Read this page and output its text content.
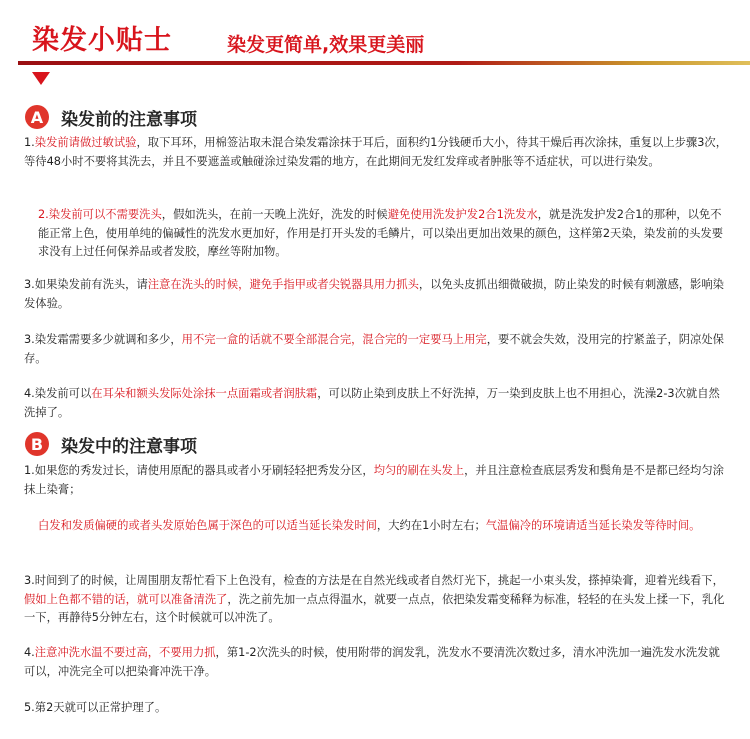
染发小贴士	染发更简单,效果更美丽
A	染发前的注意事项
1.染发前请做过敏试验，取下耳环，用棉签沾取未混合染发霜涂抹于耳后，面积约1分钱硬币大小，待其干燥后再次涂抹，重复以上步骤3次，等待48小时不要将其洗去，并且不要遮盖或触碰涂过染发霜的地方，在此期间无发红发痒或者肿胀等不适症状，可以进行染发。
2.染发前可以不需要洗头，假如洗头，在前一天晚上洗好，洗发的时候避免使用洗发护发2合1洗发水，就是洗发护发2合1的那种，以免不能正常上色，使用单纯的偏碱性的洗发水更加好，作用是打开头发的毛鳞片，可以染出更加出效果的颜色，这样第2天染，染发前的头发要求没有上过任何保养品或者发胶，摩丝等附加物。
3.如果染发前有洗头，请注意在洗头的时候，避免手指甲或者尖锐器具用力抓头，以免头皮抓出细微破损，防止染发的时候有刺激感，影响染发体验。
3.染发霜需要多少就调和多少，用不完一盒的话就不要全部混合完，混合完的一定要马上用完，要不就会失效，没用完的拧紧盖子，阴凉处保存。
4.染发前可以在耳朵和额头发际处涂抹一点面霜或者润肤霜，可以防止染到皮肤上不好洗掉，万一染到皮肤上也不用担心，洗澡2-3次就自然洗掉了。
B	染发中的注意事项
1.如果您的秀发过长，请使用原配的器具或者小牙刷轻轻把秀发分区，均匀的刷在头发上，并且注意检查底层秀发和鬓角是不是都已经均匀涂抹上染膏；
白发和发质偏硬的或者头发原始色属于深色的可以适当延长染发时间，大约在1小时左右；气温偏冷的环境请适当延长染发等待时间。
3.时间到了的时候，让周围朋友帮忙看下上色没有，检查的方法是在自然光线或者自然灯光下，挑起一小束头发，搽掉染膏，迎着光线看下，假如上色都不错的话，就可以准备清洗了，洗之前先加一点点得温水，就要一点点，依把染发霜变稀释为标准，轻轻的在头发上揉一下，乳化一下，再静待5分钟左右，这个时候就可以冲洗了。
4.注意冲洗水温不要过高，不要用力抓，第1-2次洗头的时候，使用附带的润发乳，洗发水不要清洗次数过多，清水冲洗加一遍洗发水洗发就可以，冲洗完全可以把染膏冲洗干净。
5.第2天就可以正常护理了。
